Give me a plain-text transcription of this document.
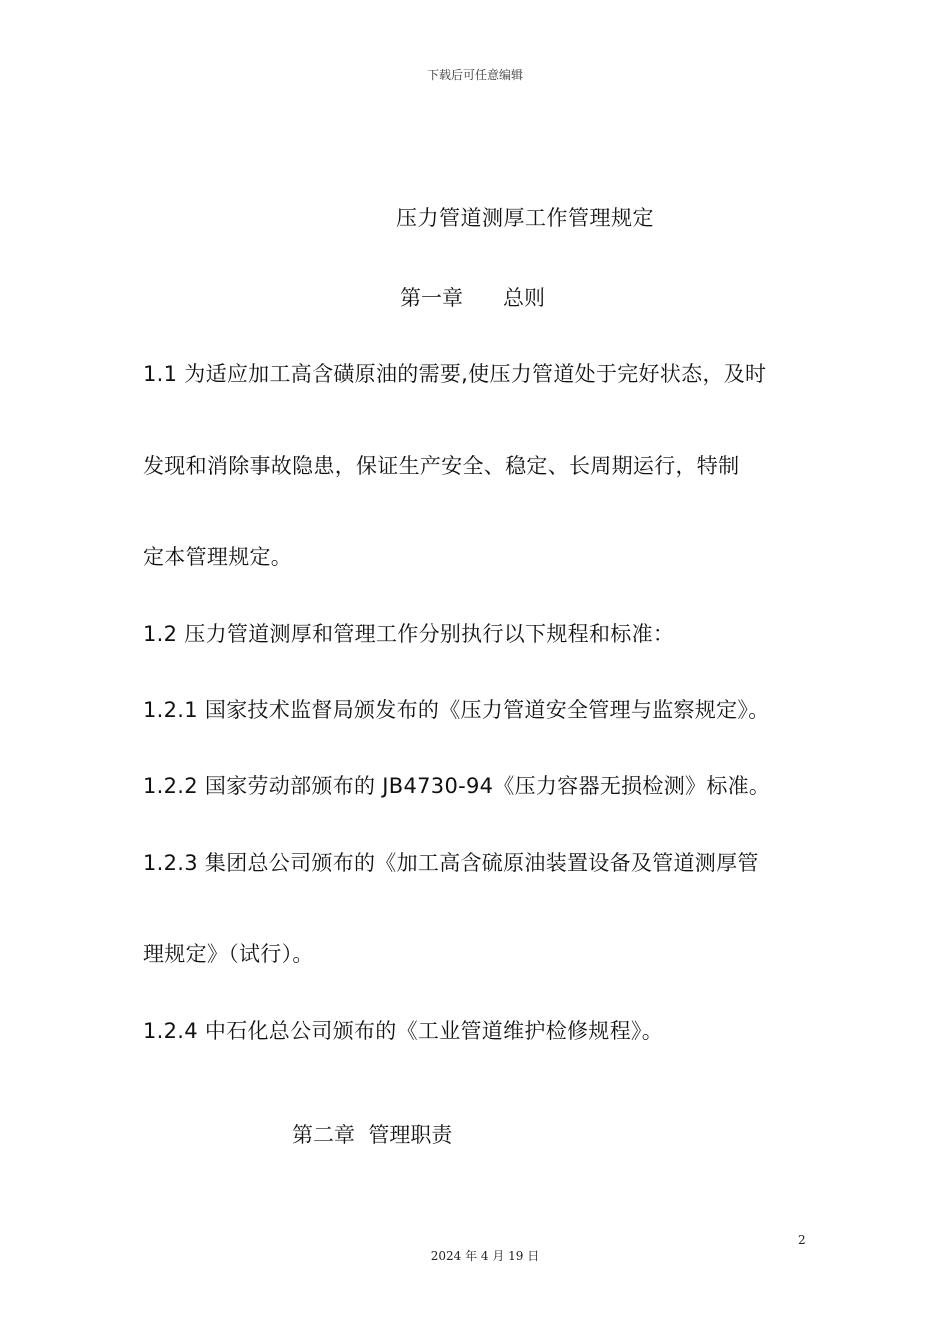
下载后可任意编辑
压力管道测厚工作管理规定
第一章      总则
1.1 为适应加工高含磺原油的需要,使压力管道处于完好状态，及时
发现和消除事故隐患，保证生产安全、稳定、长周期运行，特制
定本管理规定。
1.2 压力管道测厚和管理工作分别执行以下规程和标准：
1.2.1 国家技术监督局颁发布的《压力管道安全管理与监察规定》。
1.2.2 国家劳动部颁布的 JB4730-94《压力容器无损检测》标准。
1.2.3 集团总公司颁布的《加工高含硫原油装置设备及管道测厚管
理规定》（试行）。
1.2.4 中石化总公司颁布的《工业管道维护检修规程》。
第二章  管理职责
2
2024 年 4 月 19 日
